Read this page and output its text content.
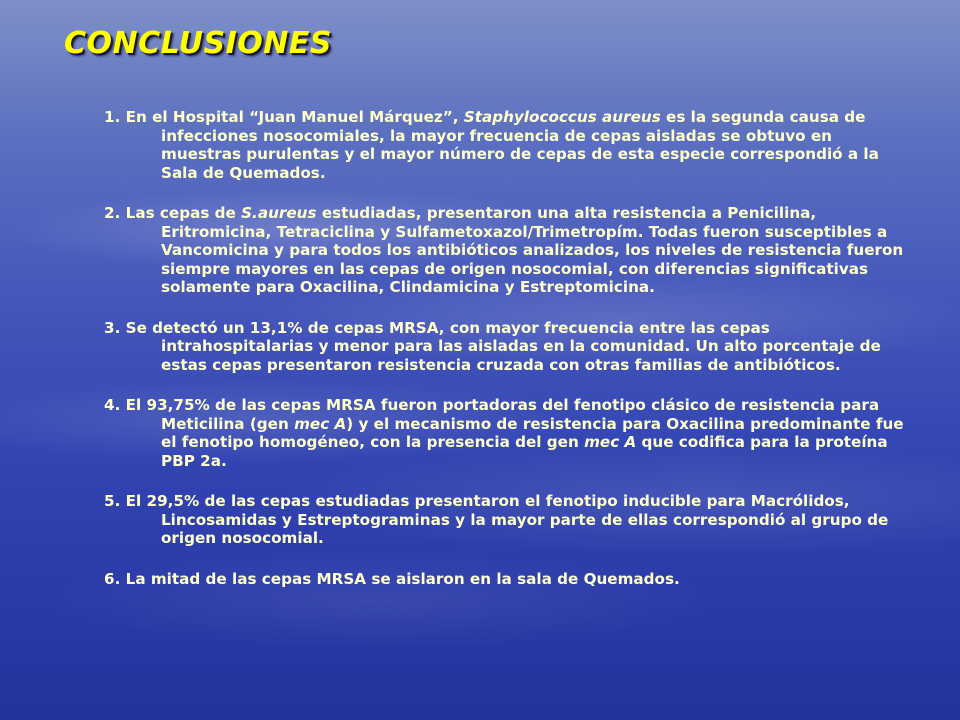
CONCLUSIONES

1. En el Hospital “Juan Manuel Márquez”, Staphylococcus aureus es la segunda causa de infecciones nosocomiales, la mayor frecuencia de cepas aisladas se obtuvo en muestras purulentas y el mayor número de cepas de esta especie correspondió a la Sala de Quemados.

2. Las cepas de S.aureus estudiadas, presentaron una alta resistencia a Penicilina, Eritromicina, Tetraciclina y Sulfametoxazol/Trimetropím. Todas fueron susceptibles a Vancomicina y para todos los antibióticos analizados, los niveles de resistencia fueron siempre mayores en las cepas de origen nosocomial, con diferencias significativas solamente para Oxacilina, Clindamicina y Estreptomicina.

3. Se detectó un 13,1% de cepas MRSA, con mayor frecuencia entre las cepas intrahospitalarias y menor para las aisladas en la comunidad. Un alto porcentaje de estas cepas presentaron resistencia cruzada con otras familias de antibióticos.

4. El 93,75% de las cepas MRSA fueron portadoras del fenotipo clásico de resistencia para Meticilina (gen mec A) y el mecanismo de resistencia para Oxacilina predominante fue el fenotipo homogéneo, con la presencia del gen mec A que codifica para la proteína PBP 2a.

5. El 29,5% de las cepas estudiadas presentaron el fenotipo inducible para Macrólidos, Lincosamidas y Estreptograminas y la mayor parte de ellas correspondió al grupo de origen nosocomial.

6. La mitad de las cepas MRSA se aislaron en la sala de Quemados.
